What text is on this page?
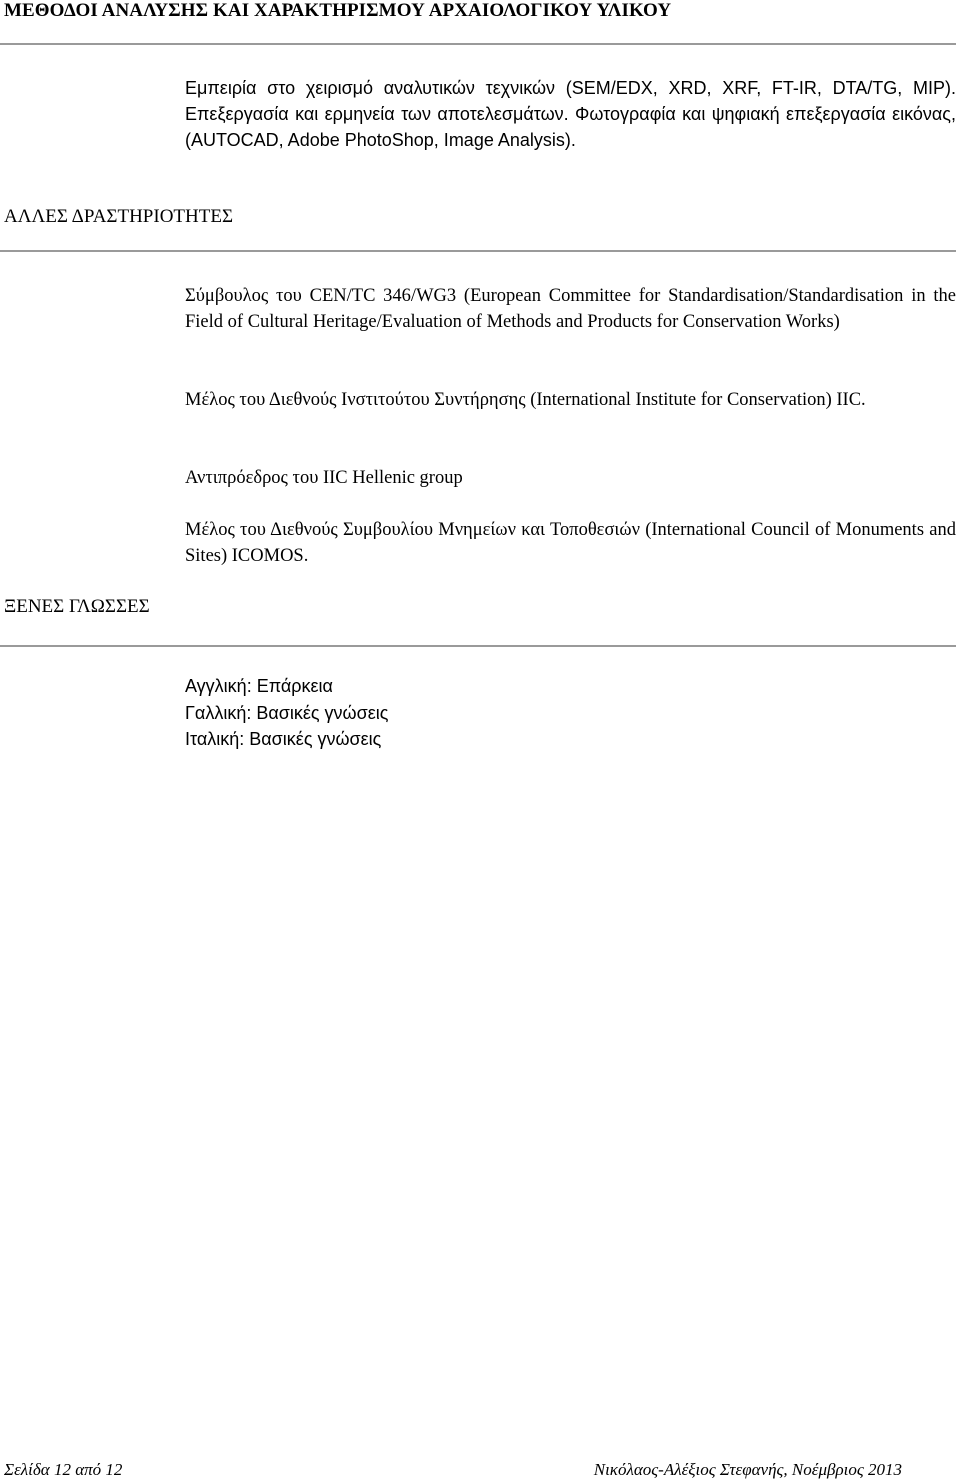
ΜΕΘΟΔΟΙ ΑΝΑΛΥΣΗΣ ΚΑΙ ΧΑΡΑΚΤΗΡΙΣΜΟΥ ΑΡΧΑΙΟΛΟΓΙΚΟΥ ΥΛΙΚΟΥ
Εμπειρία στο χειρισμό αναλυτικών τεχνικών (SEM/EDX, XRD, XRF, FT-IR, DTA/TG, MIP). Επεξεργασία και ερμηνεία των αποτελεσμάτων. Φωτογραφία και ψηφιακή επεξεργασία εικόνας, (AUTOCAD, Adobe PhotoShop, Image Analysis).
ΑΛΛΕΣ ΔΡΑΣΤΗΡΙΟΤΗΤΕΣ
Σύμβουλος του CEN/TC 346/WG3 (European Committee for Standardisation/Standardisation in the Field of Cultural Heritage/Evaluation of Methods and Products for Conservation Works)
Μέλος του Διεθνούς Ινστιτούτου Συντήρησης (International Institute for Conservation) IIC.
Αντιπρόεδρος του IIC Hellenic group
Μέλος του Διεθνούς Συμβουλίου Μνημείων και Τοποθεσιών (International Council of Monuments and Sites) ICOMOS.
ΞΕΝΕΣ ΓΛΩΣΣΕΣ
Αγγλική: Επάρκεια
Γαλλική: Βασικές γνώσεις
Ιταλική: Βασικές γνώσεις
Σελίδα 12 από 12	Νικόλαος-Αλέξιος Στεφανής, Νοέμβριος 2013
